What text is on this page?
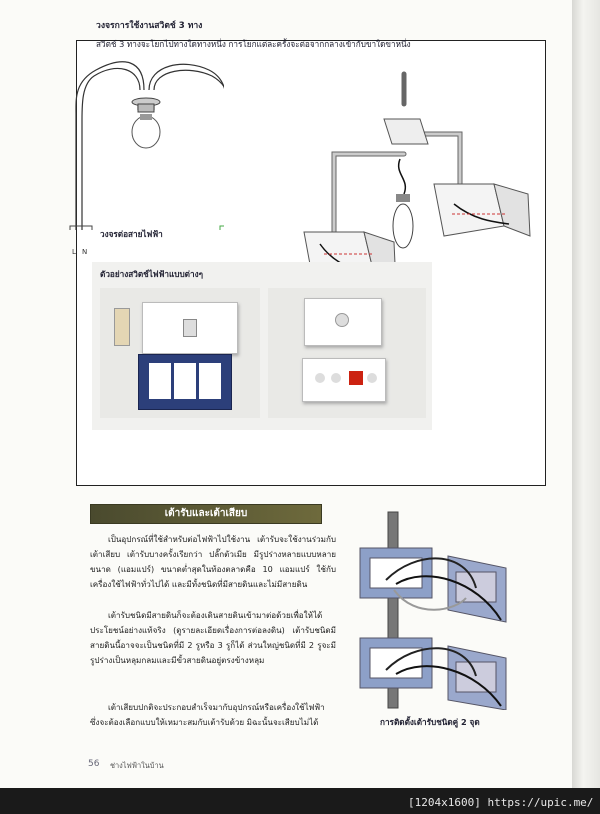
วงจรการใช้งานสวิตช์ 3 ทาง
สวิตช์ 3 ทางจะโยกไปทางใดทางหนึ่ง การโยกแต่ละครั้งจะต่อจากกลางเข้ากับขาใดขาหนึ่ง
L N
วงจรต่อสายไฟฟ้า
ตัวอย่างสวิตช์ไฟฟ้าแบบต่างๆ
เต้ารับและเต้าเสียบ
เป็นอุปกรณ์ที่ใช้สำหรับต่อไฟฟ้าไปใช้งาน เต้ารับจะใช้งานร่วมกับเต้าเสียบ เต้ารับบางครั้งเรียกว่า ปลั๊กตัวเมีย มีรูปร่างหลายแบบหลายขนาด (แอมแปร์) ขนาดต่ำสุดในท้องตลาดคือ 10 แอมแปร์ ใช้กับเครื่องใช้ไฟฟ้าทั่วไปได้ และมีทั้งชนิดที่มีสายดินและไม่มีสายดิน
เต้ารับชนิดมีสายดินก็จะต้องเดินสายดินเข้ามาต่อด้วยเพื่อให้ได้ประโยชน์อย่างแท้จริง (ดูรายละเอียดเรื่องการต่อลงดิน) เต้ารับชนิดมีสายดินนี้อาจจะเป็นชนิดที่มี 2 รูหรือ 3 รูก็ได้ ส่วนใหญ่ชนิดที่มี 2 รูจะมีรูปร่างเป็นหลุมกลมและมีขั้วสายดินอยู่ตรงข้างหลุม
เต้าเสียบปกติจะประกอบสำเร็จมากับอุปกรณ์หรือเครื่องใช้ไฟฟ้า ซึ่งจะต้องเลือกแบบให้เหมาะสมกับเต้ารับด้วย มิฉะนั้นจะเสียบไม่ได้	การติดตั้งเต้ารับชนิดคู่ 2 จุด
56 ช่างไฟฟ้าในบ้าน
[1204x1600] https://upic.me/
